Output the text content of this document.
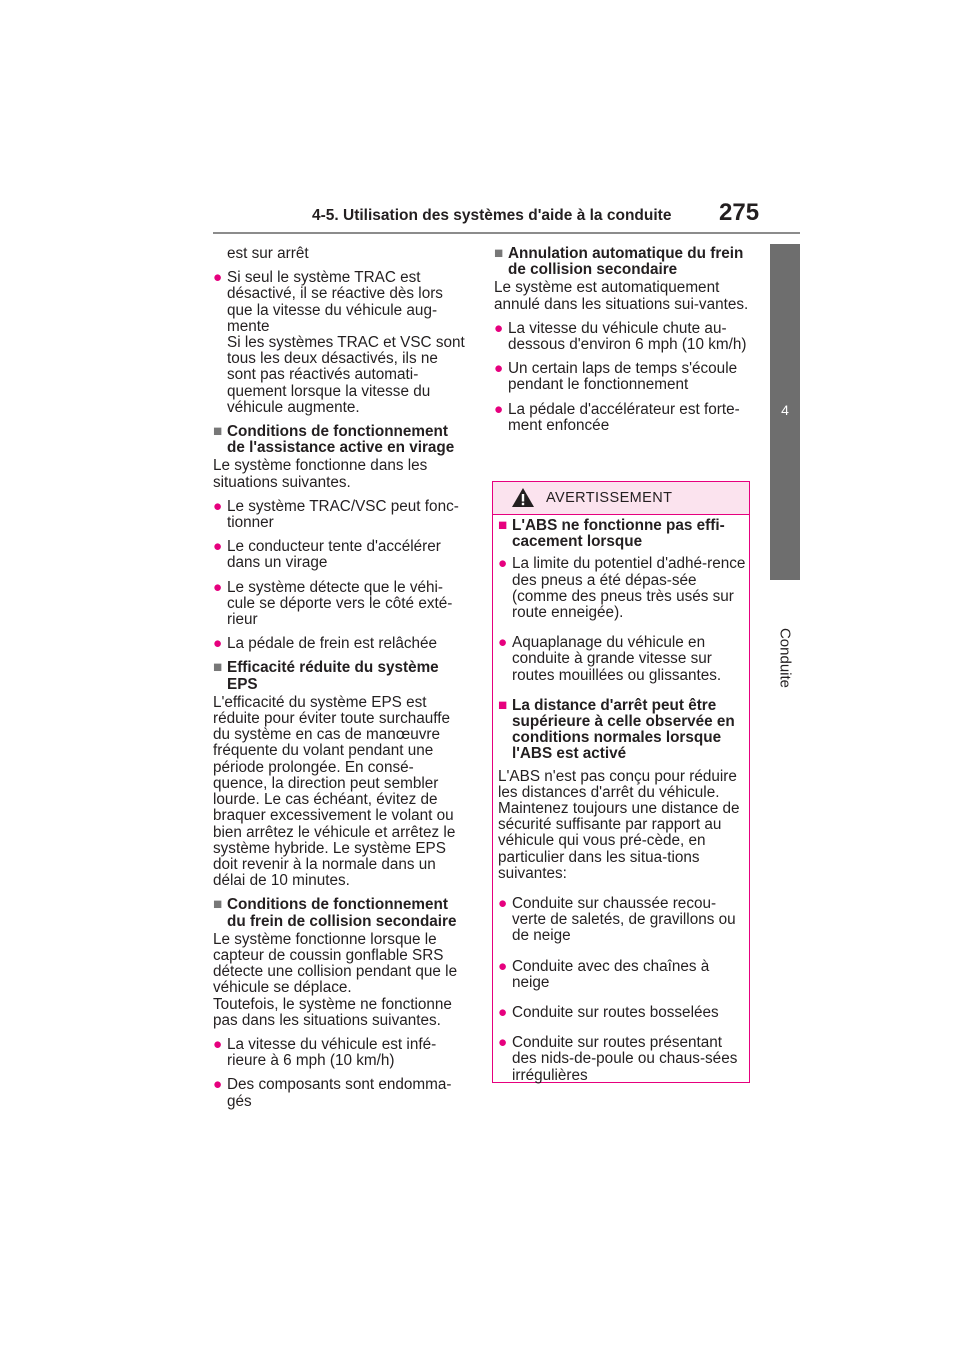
4-5. Utilisation des systèmes d'aide à la conduite 275
4
Conduite

est sur arrêt

● Si seul le système TRAC est désactivé, il se réactive dès lors que la vitesse du véhicule aug-mente

Si les systèmes TRAC et VSC sont tous les deux désactivés, ils ne sont pas réactivés automati-quement lorsque la vitesse du véhicule augmente.

■ Conditions de fonctionnement de l'assistance active en virage

Le système fonctionne dans les situations suivantes.

● Le système TRAC/VSC peut fonc-tionner

● Le conducteur tente d'accélérer dans un virage

● Le système détecte que le véhi-cule se déporte vers le côté exté-rieur

● La pédale de frein est relâchée

■ Efficacité réduite du système EPS

L'efficacité du système EPS est réduite pour éviter toute surchauffe du système en cas de manœuvre fréquente du volant pendant une période prolongée. En consé-quence, la direction peut sembler lourde. Le cas échéant, évitez de braquer excessivement le volant ou bien arrêtez le véhicule et arrêtez le système hybride. Le système EPS doit revenir à la normale dans un délai de 10 minutes.

■ Conditions de fonctionnement du frein de collision secondaire

Le système fonctionne lorsque le capteur de coussin gonflable SRS détecte une collision pendant que le véhicule se déplace.

Toutefois, le système ne fonctionne pas dans les situations suivantes.

● La vitesse du véhicule est infé-rieure à 6 mph (10 km/h)

● Des composants sont endomma-gés

■ Annulation automatique du frein de collision secondaire

Le système est automatiquement annulé dans les situations sui-vantes.

● La vitesse du véhicule chute au-dessous d'environ 6 mph (10 km/h)

● Un certain laps de temps s'écoule pendant le fonctionnement

● La pédale d'accélérateur est forte-ment enfoncée

AVERTISSEMENT

■ L'ABS ne fonctionne pas effi-cacement lorsque

● La limite du potentiel d'adhé-rence des pneus a été dépas-sée (comme des pneus très usés sur route enneigée).

● Aquaplanage du véhicule en conduite à grande vitesse sur routes mouillées ou glissantes.

■ La distance d'arrêt peut être supérieure à celle observée en conditions normales lorsque l'ABS est activé

L'ABS n'est pas conçu pour réduire les distances d'arrêt du véhicule. Maintenez toujours une distance de sécurité suffisante par rapport au véhicule qui vous pré-cède, en particulier dans les situa-tions suivantes:

● Conduite sur chaussée recou-verte de saletés, de gravillons ou de neige

● Conduite avec des chaînes à neige

● Conduite sur routes bosselées

● Conduite sur routes présentant des nids-de-poule ou chaus-sées irrégulières
